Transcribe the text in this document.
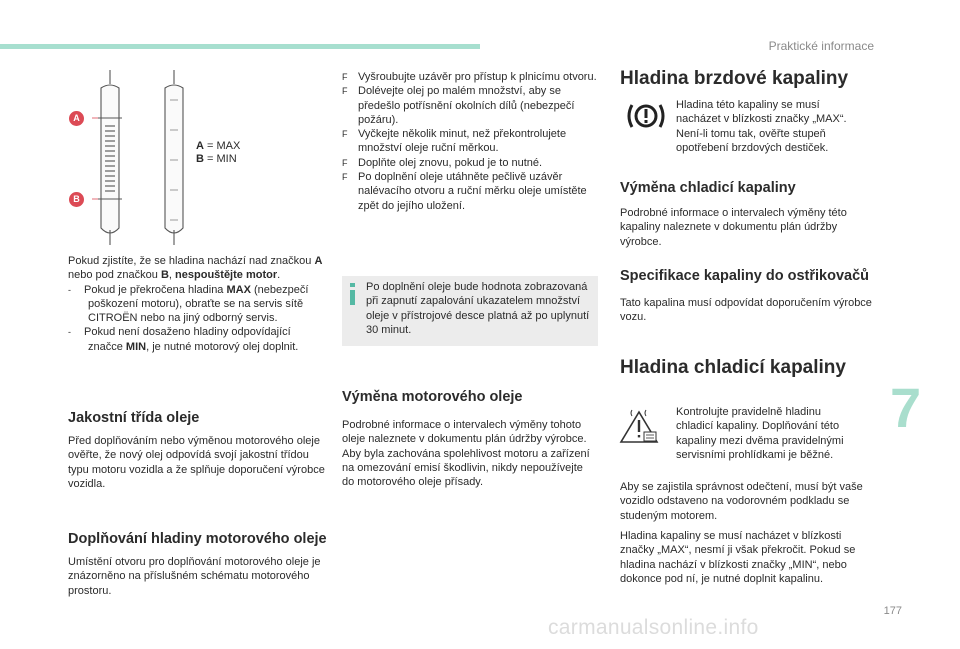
Praktické informace
7
177
carmanualsonline.info
A
B
A = MAX
B = MIN

Pokud zjistíte, že se hladina nachází nad značkou A nebo pod značkou B, nespouštějte motor.

- Pokud je překročena hladina MAX (nebezpečí poškození motoru), obraťte se na servis sítě CITROËN nebo na jiný odborný servis.

- Pokud není dosaženo hladiny odpovídající značce MIN, je nutné motorový olej doplnit.

Jakostní třída oleje
Před doplňováním nebo výměnou motorového oleje ověřte, že nový olej odpovídá svojí jakostní třídou typu motoru vozidla a že splňuje doporučení výrobce vozidla.
Doplňování hladiny motorového oleje
Umístění otvoru pro doplňování motorového oleje je znázorněno na příslušném schématu motorového prostoru.

F Vyšroubujte uzávěr pro přístup k plnicímu otvoru.

F Dolévejte olej po malém množství, aby se předešlo potřísnění okolních dílů (nebezpečí požáru).

F Vyčkejte několik minut, než překontrolujete množství oleje ruční měrkou.

F Doplňte olej znovu, pokud je to nutné.

F Po doplnění oleje utáhněte pečlivě uzávěr nalévacího otvoru a ruční měrku oleje umístěte zpět do jejího uložení.

Po doplnění oleje bude hodnota zobrazovaná při zapnutí zapalování ukazatelem množství oleje v přístrojové desce platná až po uplynutí 30 minut.
Výměna motorového oleje

Podrobné informace o intervalech výměny tohoto oleje naleznete v dokumentu plán údržby výrobce.

Aby byla zachována spolehlivost motoru a zařízení na omezování emisí škodlivin, nikdy nepoužívejte do motorového oleje přísady.

Hladina brzdové kapaliny
Hladina této kapaliny se musí nacházet v blízkosti značky „MAX“. Není-li tomu tak, ověřte stupeň opotřebení brzdových destiček.
Výměna chladicí kapaliny
Podrobné informace o intervalech výměny této kapaliny naleznete v dokumentu plán údržby výrobce.
Specifikace kapaliny do ostřikovačů
Tato kapalina musí odpovídat doporučením výrobce vozu.
Hladina chladicí kapaliny
Kontrolujte pravidelně hladinu chladicí kapaliny. Doplňování této kapaliny mezi dvěma pravidelnými servisními prohlídkami je běžné.
Aby se zajistila správnost odečtení, musí být vaše vozidlo odstaveno na vodorovném podkladu se studeným motorem.
Hladina kapaliny se musí nacházet v blízkosti značky „MAX“, nesmí ji však překročit. Pokud se hladina nachází v blízkosti značky „MIN“, nebo dokonce pod ní, je nutné doplnit kapalinu.
